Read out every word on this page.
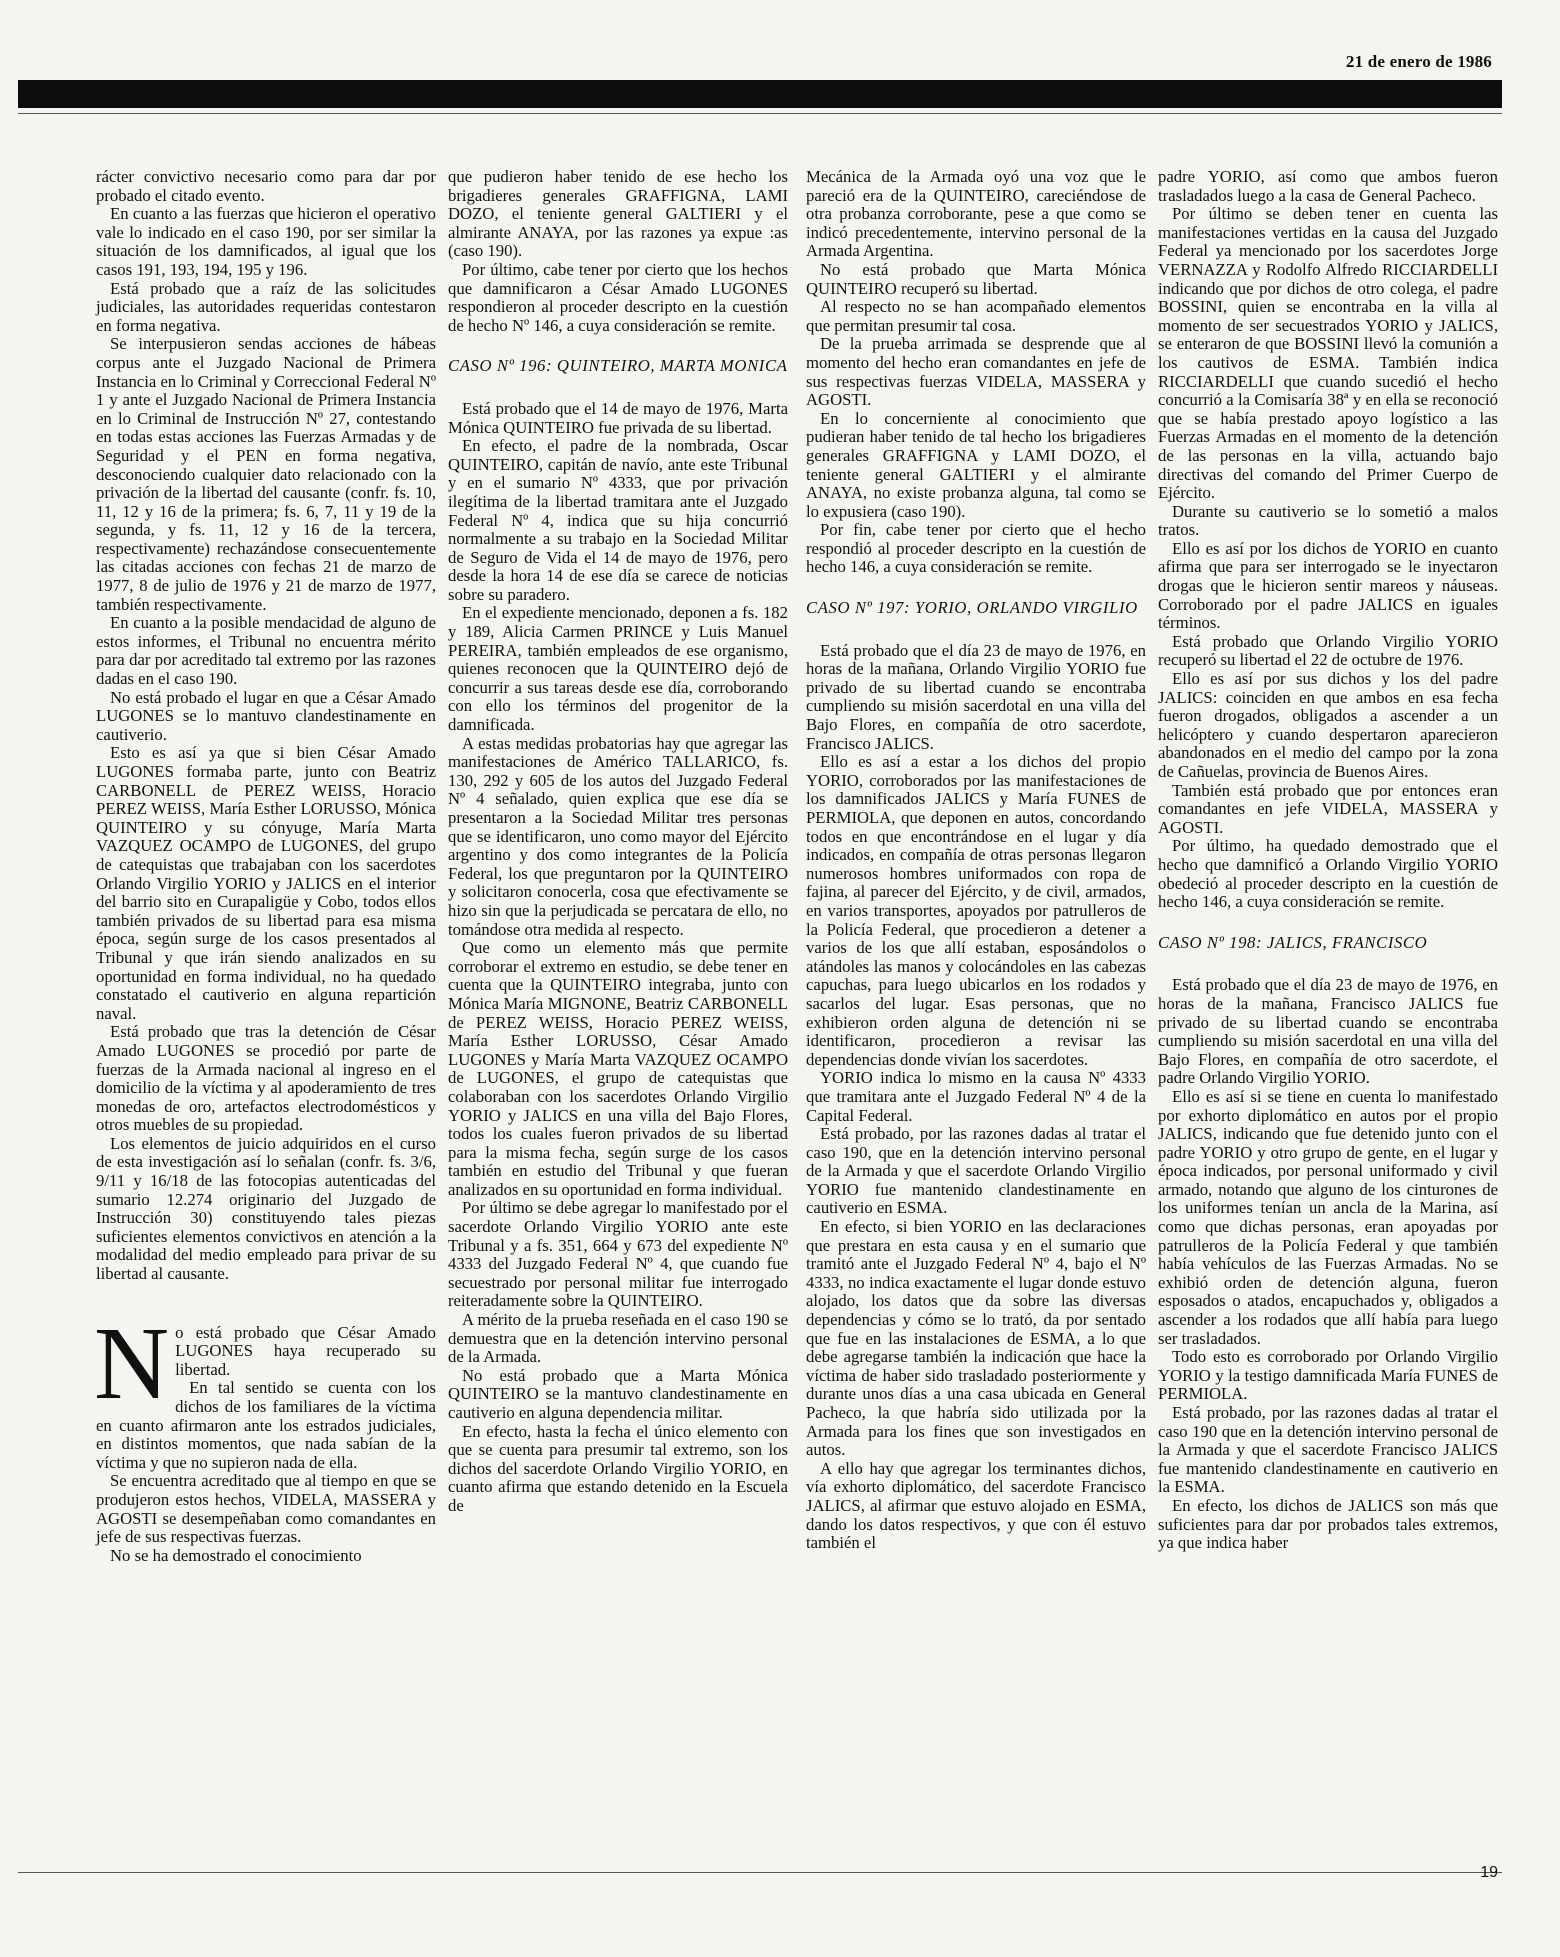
21 de enero de 1986

rácter convictivo necesario como para dar por probado el citado evento.

En cuanto a las fuerzas que hicieron el operativo vale lo indicado en el caso 190, por ser similar la situación de los damnificados, al igual que los casos 191, 193, 194, 195 y 196.

Está probado que a raíz de las solicitudes judiciales, las autoridades requeridas contestaron en forma negativa.

Se interpusieron sendas acciones de hábeas corpus ante el Juzgado Nacional de Primera Instancia en lo Criminal y Correccional Federal Nº 1 y ante el Juzgado Nacional de Primera Instancia en lo Criminal de Instrucción Nº 27, contestando en todas estas acciones las Fuerzas Armadas y de Seguridad y el PEN en forma negativa, desconociendo cualquier dato relacionado con la privación de la libertad del causante (confr. fs. 10, 11, 12 y 16 de la primera; fs. 6, 7, 11 y 19 de la segunda, y fs. 11, 12 y 16 de la tercera, respectivamente) rechazándose consecuentemente las citadas acciones con fechas 21 de marzo de 1977, 8 de julio de 1976 y 21 de marzo de 1977, también respectivamente.

En cuanto a la posible mendacidad de alguno de estos informes, el Tribunal no encuentra mérito para dar por acreditado tal extremo por las razones dadas en el caso 190.

No está probado el lugar en que a César Amado LUGONES se lo mantuvo clandestinamente en cautiverio.

Esto es así ya que si bien César Amado LUGONES formaba parte, junto con Beatriz CARBONELL de PEREZ WEISS, Horacio PEREZ WEISS, María Esther LORUSSO, Mónica QUINTEIRO y su cónyuge, María Marta VAZQUEZ OCAMPO de LUGONES, del grupo de catequistas que trabajaban con los sacerdotes Orlando Virgilio YORIO y JALICS en el interior del barrio sito en Curapaligüe y Cobo, todos ellos también privados de su libertad para esa misma época, según surge de los casos presentados al Tribunal y que irán siendo analizados en su oportunidad en forma individual, no ha quedado constatado el cautiverio en alguna repartición naval.

Está probado que tras la detención de César Amado LUGONES se procedió por parte de fuerzas de la Armada nacional al ingreso en el domicilio de la víctima y al apoderamiento de tres monedas de oro, artefactos electrodomésticos y otros muebles de su propiedad.

Los elementos de juicio adquiridos en el curso de esta investigación así lo señalan (confr. fs. 3/6, 9/11 y 16/18 de las fotocopias autenticadas del sumario 12.274 originario del Juzgado de Instrucción 30) constituyendo tales piezas suficientes elementos convictivos en atención a la modalidad del medio empleado para privar de su libertad al causante.

N o está probado que César Amado LUGONES haya recuperado su libertad.

En tal sentido se cuenta con los dichos de los familiares de la víctima en cuanto afirmaron ante los estrados judiciales, en distintos momentos, que nada sabían de la víctima y que no supieron nada de ella.

Se encuentra acreditado que al tiempo en que se produjeron estos hechos, VIDELA, MASSERA y AGOSTI se desempeñaban como comandantes en jefe de sus respectivas fuerzas.

No se ha demostrado el conocimiento

que pudieron haber tenido de ese hecho los brigadieres generales GRAFFIGNA, LAMI DOZO, el teniente general GALTIERI y el almirante ANAYA, por las razones ya expue :as (caso 190).

Por último, cabe tener por cierto que los hechos que damnificaron a César Amado LUGONES respondieron al proceder descripto en la cuestión de hecho Nº 146, a cuya consideración se remite.

CASO Nº 196: QUINTEIRO, MARTA MONICA

Está probado que el 14 de mayo de 1976, Marta Mónica QUINTEIRO fue privada de su libertad.

En efecto, el padre de la nombrada, Oscar QUINTEIRO, capitán de navío, ante este Tribunal y en el sumario Nº 4333, que por privación ilegítima de la libertad tramitara ante el Juzgado Federal Nº 4, indica que su hija concurrió normalmente a su trabajo en la Sociedad Militar de Seguro de Vida el 14 de mayo de 1976, pero desde la hora 14 de ese día se carece de noticias sobre su paradero.

En el expediente mencionado, deponen a fs. 182 y 189, Alicia Carmen PRINCE y Luis Manuel PEREIRA, también empleados de ese organismo, quienes reconocen que la QUINTEIRO dejó de concurrir a sus tareas desde ese día, corroborando con ello los términos del progenitor de la damnificada.

A estas medidas probatorias hay que agregar las manifestaciones de Américo TALLARICO, fs. 130, 292 y 605 de los autos del Juzgado Federal Nº 4 señalado, quien explica que ese día se presentaron a la Sociedad Militar tres personas que se identificaron, uno como mayor del Ejército argentino y dos como integrantes de la Policía Federal, los que preguntaron por la QUINTEIRO y solicitaron conocerla, cosa que efectivamente se hizo sin que la perjudicada se percatara de ello, no tomándose otra medida al respecto.

Que como un elemento más que permite corroborar el extremo en estudio, se debe tener en cuenta que la QUINTEIRO integraba, junto con Mónica María MIGNONE, Beatriz CARBONELL de PEREZ WEISS, Horacio PEREZ WEISS, María Esther LORUSSO, César Amado LUGONES y María Marta VAZQUEZ OCAMPO de LUGONES, el grupo de catequistas que colaboraban con los sacerdotes Orlando Virgilio YORIO y JALICS en una villa del Bajo Flores, todos los cuales fueron privados de su libertad para la misma fecha, según surge de los casos también en estudio del Tribunal y que fueran analizados en su oportunidad en forma individual.

Por último se debe agregar lo manifestado por el sacerdote Orlando Virgilio YORIO ante este Tribunal y a fs. 351, 664 y 673 del expediente Nº 4333 del Juzgado Federal Nº 4, que cuando fue secuestrado por personal militar fue interrogado reiteradamente sobre la QUINTEIRO.

A mérito de la prueba reseñada en el caso 190 se demuestra que en la detención intervino personal de la Armada.

No está probado que a Marta Mónica QUINTEIRO se la mantuvo clandestinamente en cautiverio en alguna dependencia militar.

En efecto, hasta la fecha el único elemento con que se cuenta para presumir tal extremo, son los dichos del sacerdote Orlando Virgilio YORIO, en cuanto afirma que estando detenido en la Escuela de

Mecánica de la Armada oyó una voz que le pareció era de la QUINTEIRO, careciéndose de otra probanza corroborante, pese a que como se indicó precedentemente, intervino personal de la Armada Argentina.

No está probado que Marta Mónica QUINTEIRO recuperó su libertad.

Al respecto no se han acompañado elementos que permitan presumir tal cosa.

De la prueba arrimada se desprende que al momento del hecho eran comandantes en jefe de sus respectivas fuerzas VIDELA, MASSERA y AGOSTI.

En lo concerniente al conocimiento que pudieran haber tenido de tal hecho los brigadieres generales GRAFFIGNA y LAMI DOZO, el teniente general GALTIERI y el almirante ANAYA, no existe probanza alguna, tal como se lo expusiera (caso 190).

Por fin, cabe tener por cierto que el hecho respondió al proceder descripto en la cuestión de hecho 146, a cuya consideración se remite.

CASO Nº 197: YORIO, ORLANDO VIRGILIO

Está probado que el día 23 de mayo de 1976, en horas de la mañana, Orlando Virgilio YORIO fue privado de su libertad cuando se encontraba cumpliendo su misión sacerdotal en una villa del Bajo Flores, en compañía de otro sacerdote, Francisco JALICS.

Ello es así a estar a los dichos del propio YORIO, corroborados por las manifestaciones de los damnificados JALICS y María FUNES de PERMIOLA, que deponen en autos, concordando todos en que encontrándose en el lugar y día indicados, en compañía de otras personas llegaron numerosos hombres uniformados con ropa de fajina, al parecer del Ejército, y de civil, armados, en varios transportes, apoyados por patrulleros de la Policía Federal, que procedieron a detener a varios de los que allí estaban, esposándolos o atándoles las manos y colocándoles en las cabezas capuchas, para luego ubicarlos en los rodados y sacarlos del lugar. Esas personas, que no exhibieron orden alguna de detención ni se identificaron, procedieron a revisar las dependencias donde vivían los sacerdotes.

YORIO indica lo mismo en la causa Nº 4333 que tramitara ante el Juzgado Federal Nº 4 de la Capital Federal.

Está probado, por las razones dadas al tratar el caso 190, que en la detención intervino personal de la Armada y que el sacerdote Orlando Virgilio YORIO fue mantenido clandestinamente en cautiverio en ESMA.

En efecto, si bien YORIO en las declaraciones que prestara en esta causa y en el sumario que tramitó ante el Juzgado Federal Nº 4, bajo el Nº 4333, no indica exactamente el lugar donde estuvo alojado, los datos que da sobre las diversas dependencias y cómo se lo trató, da por sentado que fue en las instalaciones de ESMA, a lo que debe agregarse también la indicación que hace la víctima de haber sido trasladado posteriormente y durante unos días a una casa ubicada en General Pacheco, la que habría sido utilizada por la Armada para los fines que son investigados en autos.

A ello hay que agregar los terminantes dichos, vía exhorto diplomático, del sacerdote Francisco JALICS, al afirmar que estuvo alojado en ESMA, dando los datos respectivos, y que con él estuvo también el

padre YORIO, así como que ambos fueron trasladados luego a la casa de General Pacheco.

Por último se deben tener en cuenta las manifestaciones vertidas en la causa del Juzgado Federal ya mencionado por los sacerdotes Jorge VERNAZZA y Rodolfo Alfredo RICCIARDELLI indicando que por dichos de otro colega, el padre BOSSINI, quien se encontraba en la villa al momento de ser secuestrados YORIO y JALICS, se enteraron de que BOSSINI llevó la comunión a los cautivos de ESMA. También indica RICCIARDELLI que cuando sucedió el hecho concurrió a la Comisaría 38ª y en ella se reconoció que se había prestado apoyo logístico a las Fuerzas Armadas en el momento de la detención de las personas en la villa, actuando bajo directivas del comando del Primer Cuerpo de Ejército.

Durante su cautiverio se lo sometió a malos tratos.

Ello es así por los dichos de YORIO en cuanto afirma que para ser interrogado se le inyectaron drogas que le hicieron sentir mareos y náuseas. Corroborado por el padre JALICS en iguales términos.

Está probado que Orlando Virgilio YORIO recuperó su libertad el 22 de octubre de 1976.

Ello es así por sus dichos y los del padre JALICS: coinciden en que ambos en esa fecha fueron drogados, obligados a ascender a un helicóptero y cuando despertaron aparecieron abandonados en el medio del campo por la zona de Cañuelas, provincia de Buenos Aires.

También está probado que por entonces eran comandantes en jefe VIDELA, MASSERA y AGOSTI.

Por último, ha quedado demostrado que el hecho que damnificó a Orlando Virgilio YORIO obedeció al proceder descripto en la cuestión de hecho 146, a cuya consideración se remite.

CASO Nº 198: JALICS, FRANCISCO

Está probado que el día 23 de mayo de 1976, en horas de la mañana, Francisco JALICS fue privado de su libertad cuando se encontraba cumpliendo su misión sacerdotal en una villa del Bajo Flores, en compañía de otro sacerdote, el padre Orlando Virgilio YORIO.

Ello es así si se tiene en cuenta lo manifestado por exhorto diplomático en autos por el propio JALICS, indicando que fue detenido junto con el padre YORIO y otro grupo de gente, en el lugar y época indicados, por personal uniformado y civil armado, notando que alguno de los cinturones de los uniformes tenían un ancla de la Marina, así como que dichas personas, eran apoyadas por patrulleros de la Policía Federal y que también había vehículos de las Fuerzas Armadas. No se exhibió orden de detención alguna, fueron esposados o atados, encapuchados y, obligados a ascender a los rodados que allí había para luego ser trasladados.

Todo esto es corroborado por Orlando Virgilio YORIO y la testigo damnificada María FUNES de PERMIOLA.

Está probado, por las razones dadas al tratar el caso 190 que en la detención intervino personal de la Armada y que el sacerdote Francisco JALICS fue mantenido clandestinamente en cautiverio en la ESMA.

En efecto, los dichos de JALICS son más que suficientes para dar por probados tales extremos, ya que indica haber

19
